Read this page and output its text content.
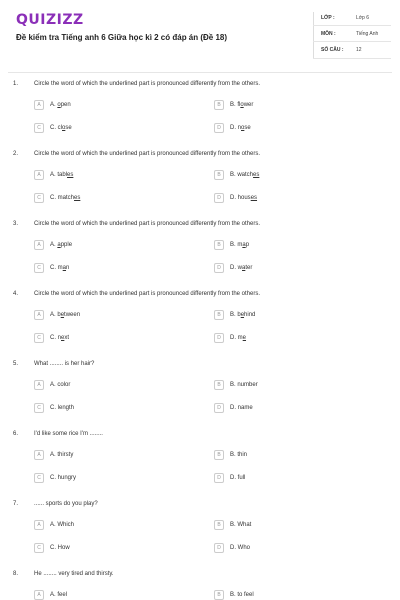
QUIZIZZ
Đề kiểm tra Tiếng anh 6 Giữa học kì 2 có đáp án (Đề 18)
LỚP :	Lớp 6
MÔN :	Tiếng Anh
SỐ CÂU :	12
1.	Circle the word of which the underlined part is pronounced differently from the others.
A	A. open	B	B. flower
C	C. close	D	D. nose
2.	Circle the word of which the underlined part is pronounced differently from the others.
A	A. tables	B	B. watches
C	C. matches	D	D. houses
3.	Circle the word of which the underlined part is pronounced differently from the others.
A	A. apple	B	B. map
C	C. man	D	D. water
4.	Circle the word of which the underlined part is pronounced differently from the others.
A	A. between	B	B. behind
C	C. next	D	D. me
5.	What ........ is her hair?
A	A. color	B	B. number
C	C. length	D	D. name
6.	I'd like some rice I'm ........
A	A. thirsty	B	B. thin
C	C. hungry	D	D. full
7.	...... sports do you play?
A	A. Which	B	B. What
C	C. How	D	D. Who
8.	He ........ very tired and thirsty.
A	A. feel	B	B. to feel
